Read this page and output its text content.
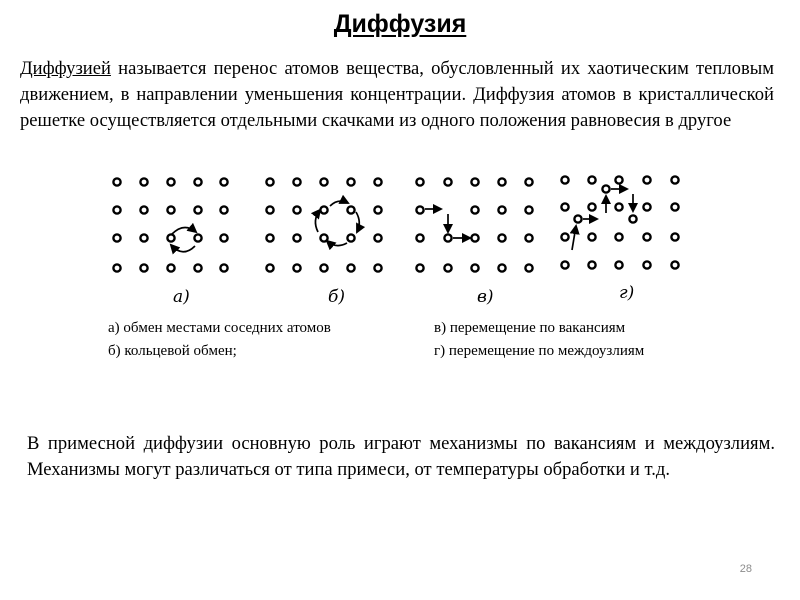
Диффузия
Диффузией называется перенос атомов вещества, обусловленный их хаотическим тепловым движением, в направлении уменьшения концентрации. Диффузия атомов в кристаллической решетке осуществляется отдельными скачками из одного положения равновесия в другое
а)	б)	в)	г)
а) обмен местами соседних атомов
б) кольцевой обмен;
в) перемещение по вакансиям
г) перемещение по междоузлиям
В примесной диффузии основную роль играют механизмы по вакансиям и междоузлиям. Механизмы могут различаться от типа примеси, от температуры обработки и т.д.
28
